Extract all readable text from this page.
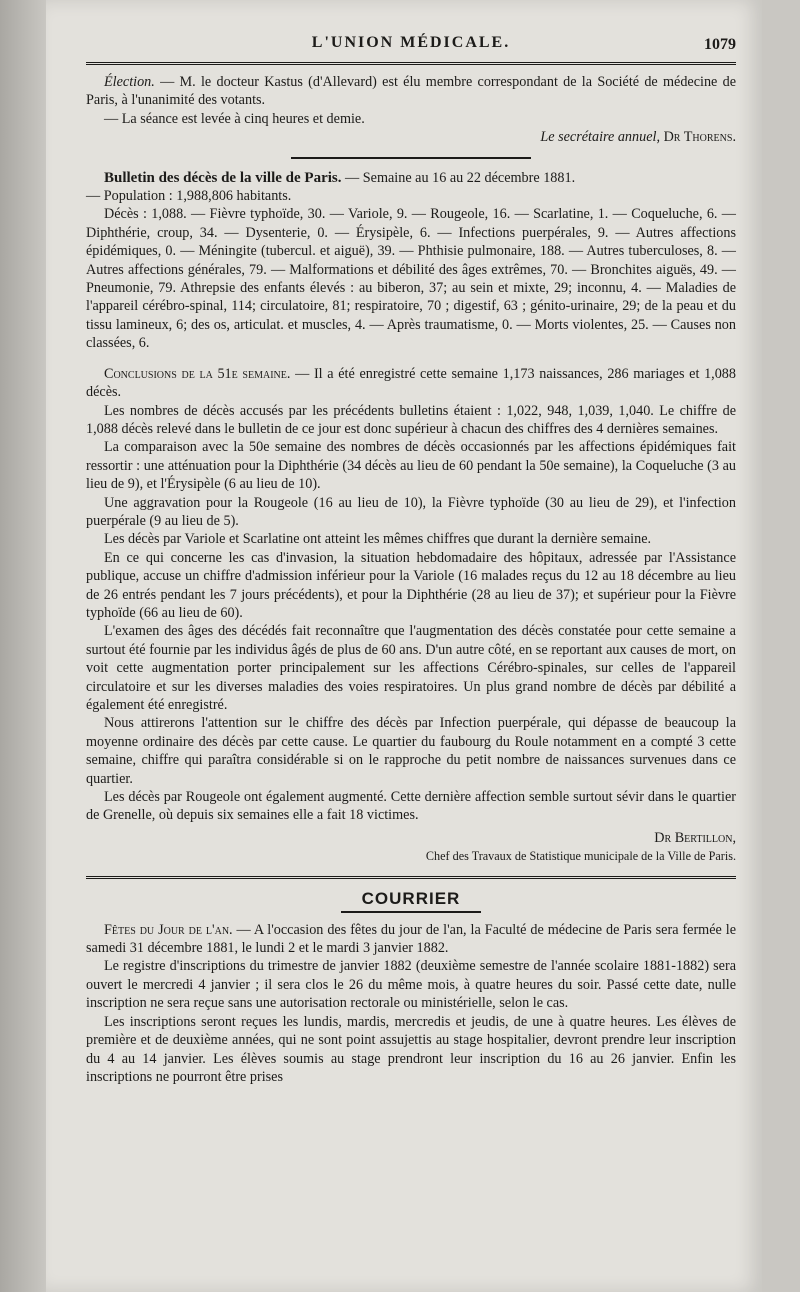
L'UNION MÉDICALE.	1079

Élection. — M. le docteur Kastus (d'Allevard) est élu membre correspondant de la Société de médecine de Paris, à l'unanimité des votants.

— La séance est levée à cinq heures et demie.

Le secrétaire annuel, Dr Thorens.

Bulletin des décès de la ville de Paris. — Semaine au 16 au 22 décembre 1881.

— Population : 1,988,806 habitants.

Décès : 1,088. — Fièvre typhoïde, 30. — Variole, 9. — Rougeole, 16. — Scarlatine, 1. — Coqueluche, 6. — Diphthérie, croup, 34. — Dysenterie, 0. — Érysipèle, 6. — Infections puerpérales, 9. — Autres affections épidémiques, 0. — Méningite (tubercul. et aiguë), 39. — Phthisie pulmonaire, 188. — Autres tuberculoses, 8. — Autres affections générales, 79. — Malformations et débilité des âges extrêmes, 70. — Bronchites aiguës, 49. — Pneumonie, 79. Athrepsie des enfants élevés : au biberon, 37; au sein et mixte, 29; inconnu, 4. — Maladies de l'appareil cérébro-spinal, 114; circulatoire, 81; respiratoire, 70 ; digestif, 63 ; génito-urinaire, 29; de la peau et du tissu lamineux, 6; des os, articulat. et muscles, 4. — Après traumatisme, 0. — Morts violentes, 25. — Causes non classées, 6.

Conclusions de la 51e semaine. — Il a été enregistré cette semaine 1,173 naissances, 286 mariages et 1,088 décès.

Les nombres de décès accusés par les précédents bulletins étaient : 1,022, 948, 1,039, 1,040. Le chiffre de 1,088 décès relevé dans le bulletin de ce jour est donc supérieur à chacun des chiffres des 4 dernières semaines.

La comparaison avec la 50e semaine des nombres de décès occasionnés par les affections épidémiques fait ressortir : une atténuation pour la Diphthérie (34 décès au lieu de 60 pendant la 50e semaine), la Coqueluche (3 au lieu de 9), et l'Érysipèle (6 au lieu de 10).

Une aggravation pour la Rougeole (16 au lieu de 10), la Fièvre typhoïde (30 au lieu de 29), et l'infection puerpérale (9 au lieu de 5).

Les décès par Variole et Scarlatine ont atteint les mêmes chiffres que durant la dernière semaine.

En ce qui concerne les cas d'invasion, la situation hebdomadaire des hôpitaux, adressée par l'Assistance publique, accuse un chiffre d'admission inférieur pour la Variole (16 malades reçus du 12 au 18 décembre au lieu de 26 entrés pendant les 7 jours précédents), et pour la Diphthérie (28 au lieu de 37); et supérieur pour la Fièvre typhoïde (66 au lieu de 60).

L'examen des âges des décédés fait reconnaître que l'augmentation des décès constatée pour cette semaine a surtout été fournie par les individus âgés de plus de 60 ans. D'un autre côté, en se reportant aux causes de mort, on voit cette augmentation porter principalement sur les affections Cérébro-spinales, sur celles de l'appareil circulatoire et sur les diverses maladies des voies respiratoires. Un plus grand nombre de décès par débilité a également été enregistré.

Nous attirerons l'attention sur le chiffre des décès par Infection puerpérale, qui dépasse de beaucoup la moyenne ordinaire des décès par cette cause. Le quartier du faubourg du Roule notamment en a compté 3 cette semaine, chiffre qui paraîtra considérable si on le rapproche du petit nombre de naissances survenues dans ce quartier.

Les décès par Rougeole ont également augmenté. Cette dernière affection semble surtout sévir dans le quartier de Grenelle, où depuis six semaines elle a fait 18 victimes.

Dr Bertillon,

Chef des Travaux de Statistique municipale de la Ville de Paris.

COURRIER

Fêtes du Jour de l'an. — A l'occasion des fêtes du jour de l'an, la Faculté de médecine de Paris sera fermée le samedi 31 décembre 1881, le lundi 2 et le mardi 3 janvier 1882.

Le registre d'inscriptions du trimestre de janvier 1882 (deuxième semestre de l'année scolaire 1881-1882) sera ouvert le mercredi 4 janvier ; il sera clos le 26 du même mois, à quatre heures du soir. Passé cette date, nulle inscription ne sera reçue sans une autorisation rectorale ou ministérielle, selon le cas.

Les inscriptions seront reçues les lundis, mardis, mercredis et jeudis, de une à quatre heures. Les élèves de première et de deuxième années, qui ne sont point assujettis au stage hospitalier, devront prendre leur inscription du 4 au 14 janvier. Les élèves soumis au stage prendront leur inscription du 16 au 26 janvier. Enfin les inscriptions ne pourront être prises
